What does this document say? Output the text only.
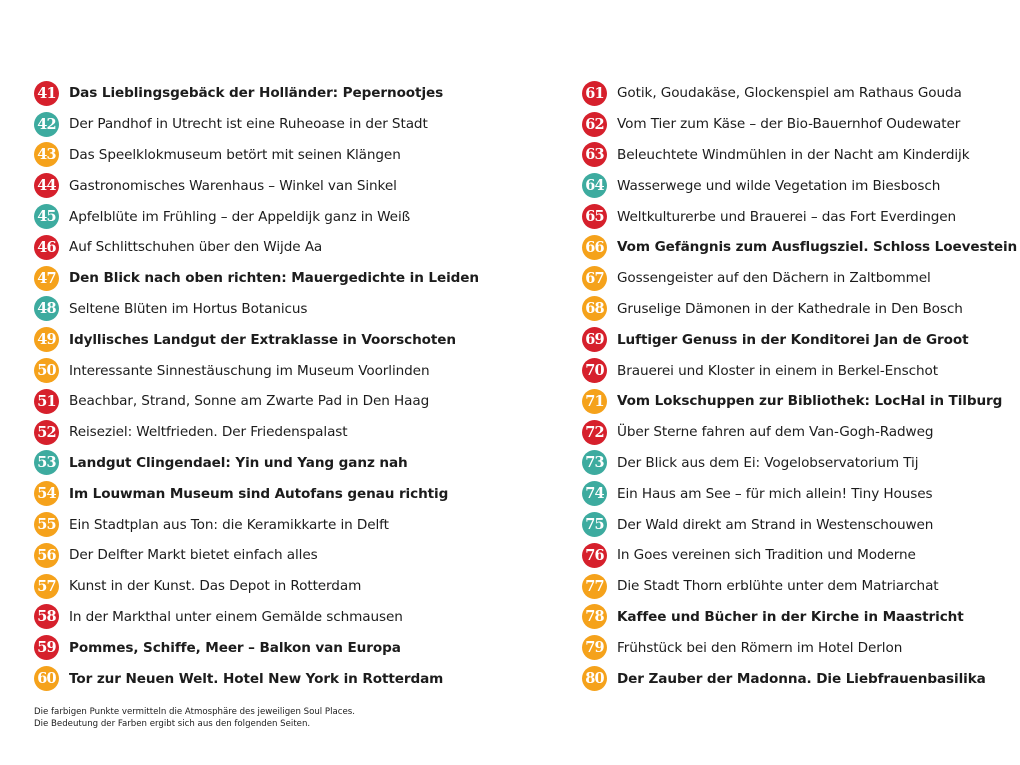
41 Das Lieblingsgebäck der Holländer: Pepernootjes
42 Der Pandhof in Utrecht ist eine Ruheoase in der Stadt
43 Das Speelklokmuseum betört mit seinen Klängen
44 Gastronomisches Warenhaus – Winkel van Sinkel
45 Apfelblüte im Frühling – der Appeldijk ganz in Weiß
46 Auf Schlittschuhen über den Wijde Aa
47 Den Blick nach oben richten: Mauergedichte in Leiden
48 Seltene Blüten im Hortus Botanicus
49 Idyllisches Landgut der Extraklasse in Voorschoten
50 Interessante Sinnestäuschung im Museum Voorlinden
51 Beachbar, Strand, Sonne am Zwarte Pad in Den Haag
52 Reiseziel: Weltfrieden. Der Friedenspalast
53 Landgut Clingendael: Yin und Yang ganz nah
54 Im Louwman Museum sind Autofans genau richtig
55 Ein Stadtplan aus Ton: die Keramikkarte in Delft
56 Der Delfter Markt bietet einfach alles
57 Kunst in der Kunst. Das Depot in Rotterdam
58 In der Markthal unter einem Gemälde schmausen
59 Pommes, Schiffe, Meer – Balkon van Europa
60 Tor zur Neuen Welt. Hotel New York in Rotterdam
61 Gotik, Goudakäse, Glockenspiel am Rathaus Gouda
62 Vom Tier zum Käse – der Bio-Bauernhof Oudewater
63 Beleuchtete Windmühlen in der Nacht am Kinderdijk
64 Wasserwege und wilde Vegetation im Biesbosch
65 Weltkulturerbe und Brauerei – das Fort Everdingen
66 Vom Gefängnis zum Ausflugsziel. Schloss Loevestein
67 Gossengeister auf den Dächern in Zaltbommel
68 Gruselige Dämonen in der Kathedrale in Den Bosch
69 Luftiger Genuss in der Konditorei Jan de Groot
70 Brauerei und Kloster in einem in Berkel-Enschot
71 Vom Lokschuppen zur Bibliothek: LocHal in Tilburg
72 Über Sterne fahren auf dem Van-Gogh-Radweg
73 Der Blick aus dem Ei: Vogelobservatorium Tij
74 Ein Haus am See – für mich allein! Tiny Houses
75 Der Wald direkt am Strand in Westenschouwen
76 In Goes vereinen sich Tradition und Moderne
77 Die Stadt Thorn erblühte unter dem Matriarchat
78 Kaffee und Bücher in der Kirche in Maastricht
79 Frühstück bei den Römern im Hotel Derlon
80 Der Zauber der Madonna. Die Liebfrauenbasilika
Die farbigen Punkte vermitteln die Atmosphäre des jeweiligen Soul Places.
Die Bedeutung der Farben ergibt sich aus den folgenden Seiten.
